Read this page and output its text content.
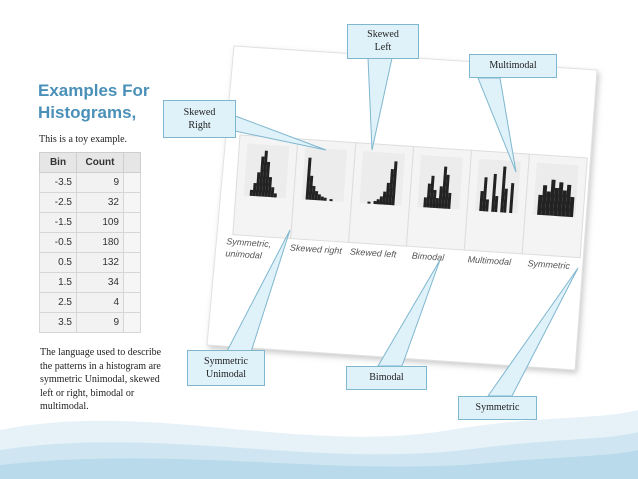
Examples For Histograms,
This is a toy example.
Bin	Count	
-3.5	9	
-2.5	32	
-1.5	109	
-0.5	180	
0.5	132	
1.5	34	
2.5	4	
3.5	9	
The language used to describe the patterns in a histogram are symmetric Unimodal, skewed left or right, bimodal or multimodal.
Symmetric,
unimodal	Skewed right Skewed left Bimodal	Multimodal Symmetric
Skewed Left
Multimodal
Skewed Right
Symmetric Unimodal	Bimodal
Symmetric
